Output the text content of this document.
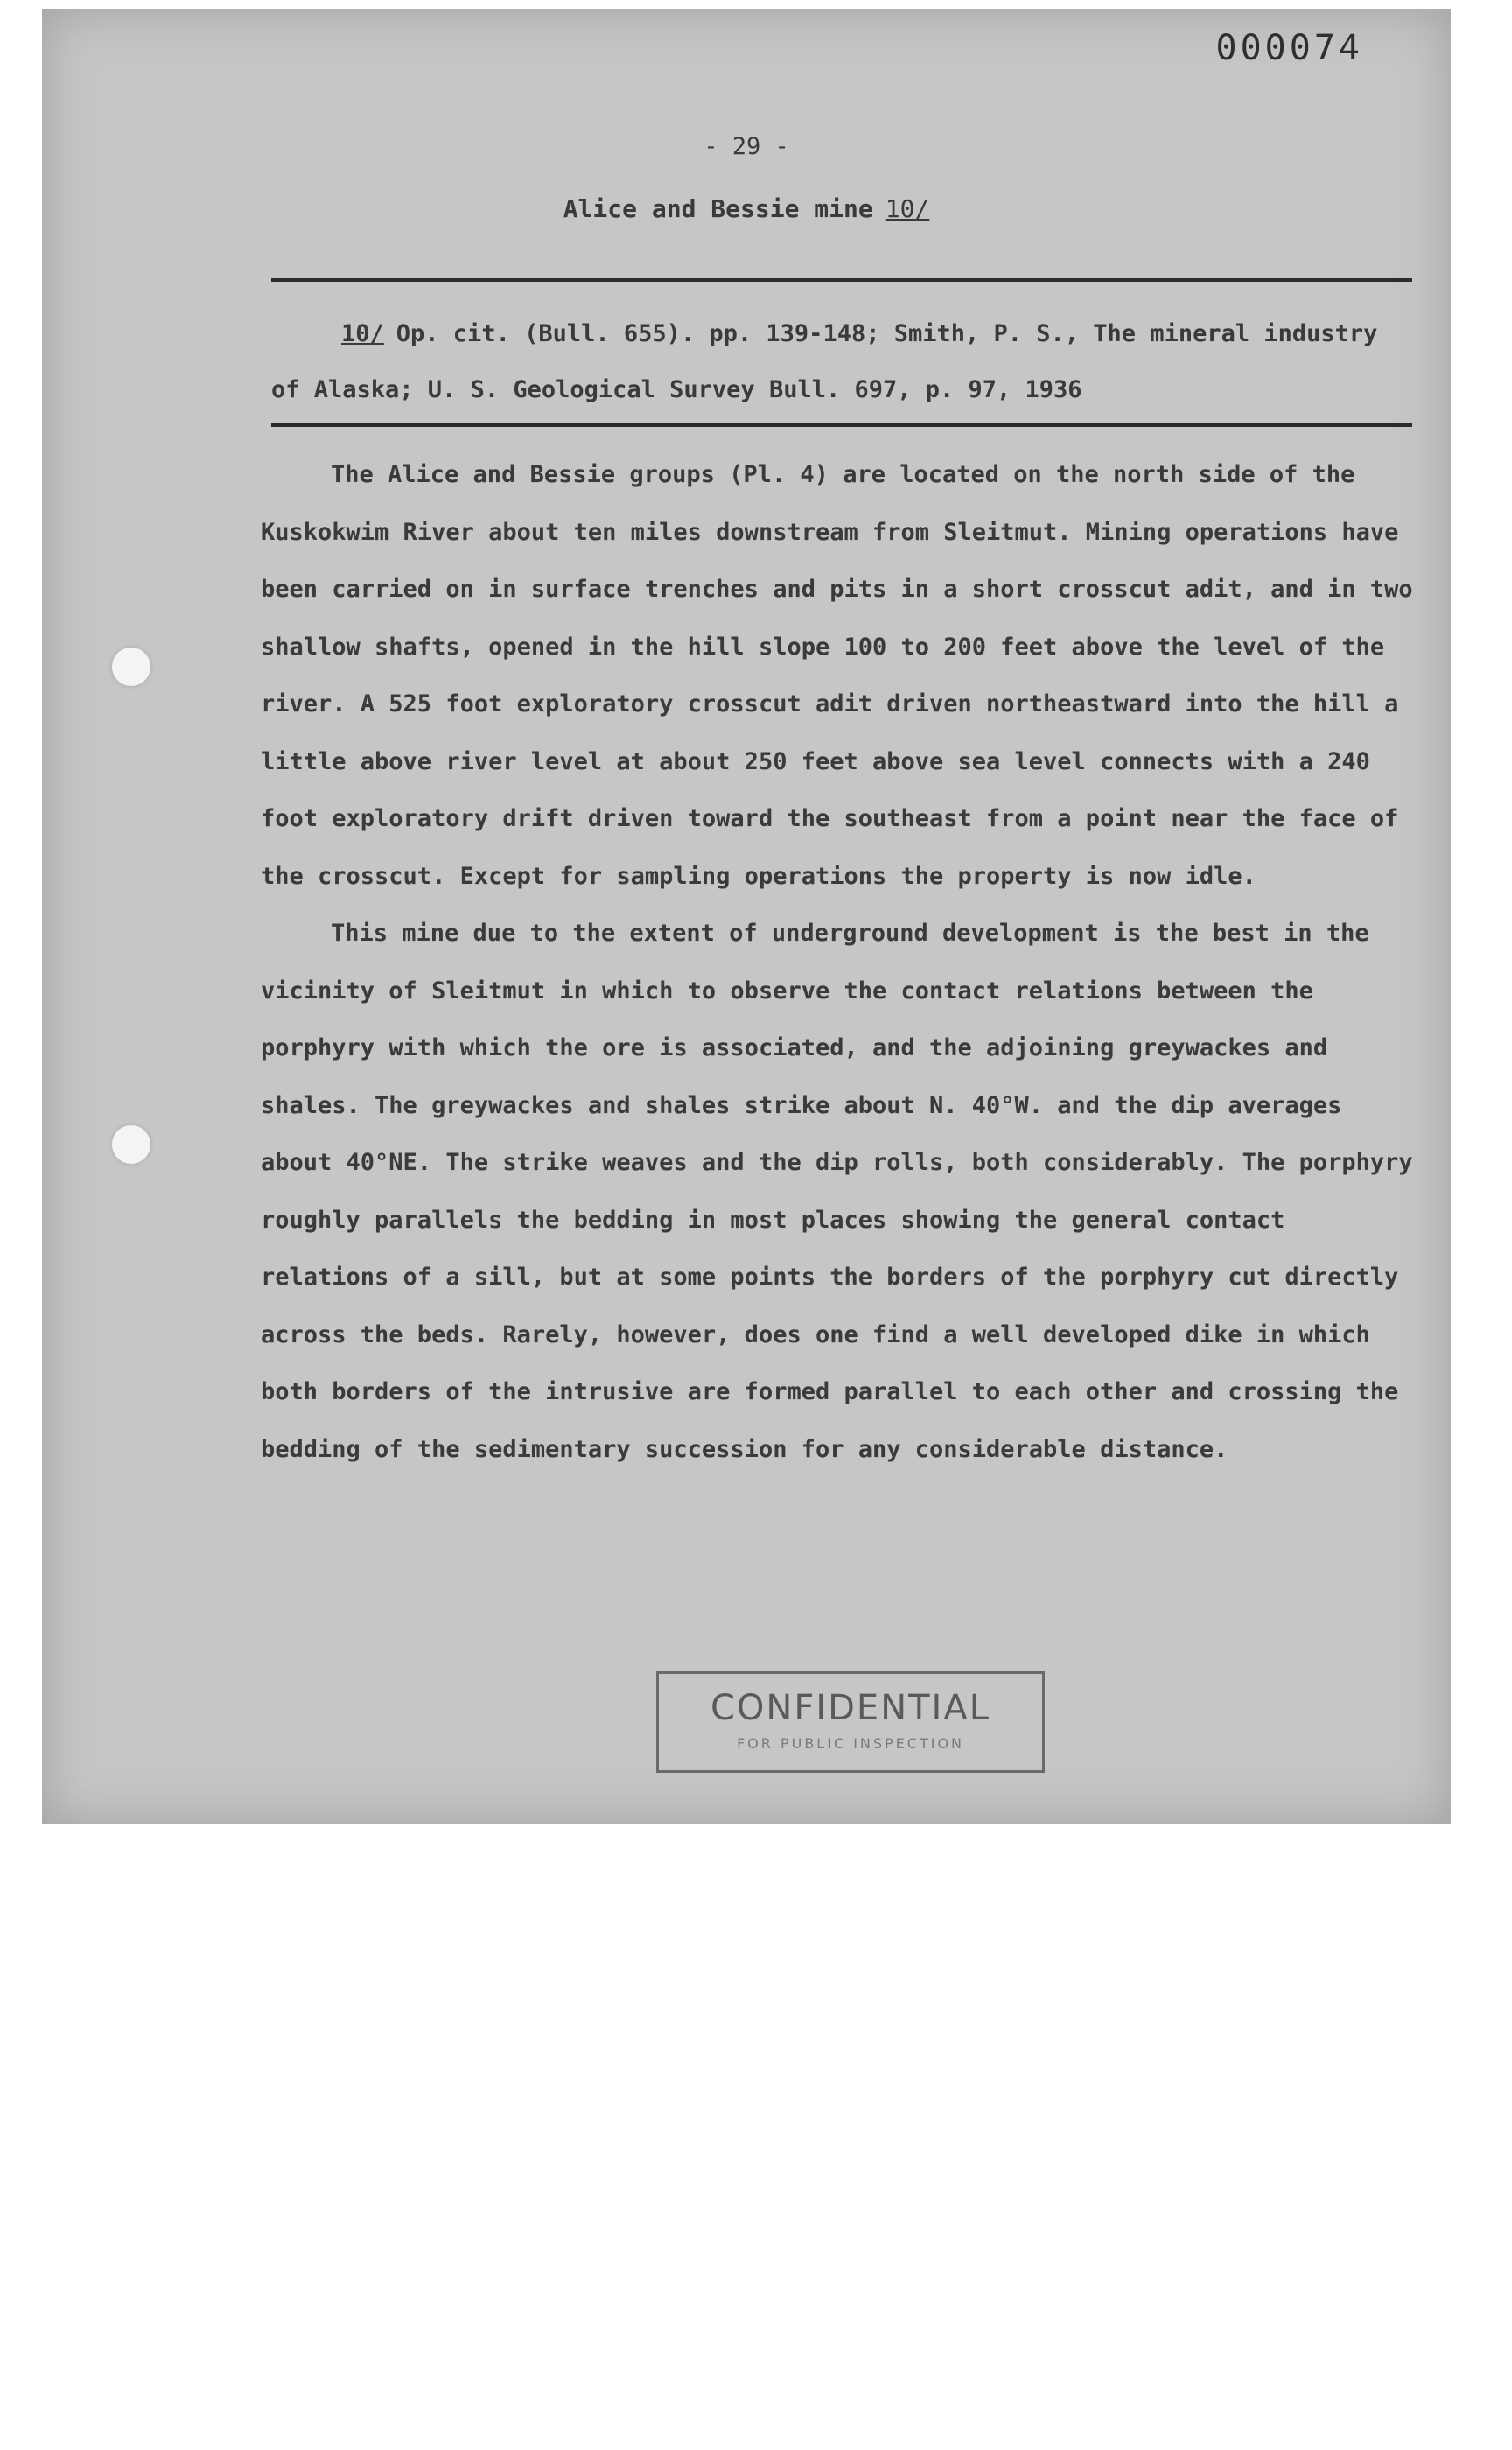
000074
- 29 -
Alice and Bessie mine 10/
10/ Op. cit. (Bull. 655). pp. 139-148; Smith, P. S., The mineral industry of Alaska; U. S. Geological Survey Bull. 697, p. 97, 1936

The Alice and Bessie groups (Pl. 4) are located on the north side of the Kuskokwim River about ten miles downstream from Sleitmut. Mining operations have been carried on in surface trenches and pits in a short crosscut adit, and in two shallow shafts, opened in the hill slope 100 to 200 feet above the level of the river. A 525 foot exploratory crosscut adit driven northeastward into the hill a little above river level at about 250 feet above sea level connects with a 240 foot exploratory drift driven toward the southeast from a point near the face of the crosscut. Except for sampling operations the property is now idle.

This mine due to the extent of underground development is the best in the vicinity of Sleitmut in which to observe the contact relations between the porphyry with which the ore is associated, and the adjoining greywackes and shales. The greywackes and shales strike about N. 40°W. and the dip averages about 40°NE. The strike weaves and the dip rolls, both considerably. The porphyry roughly parallels the bedding in most places showing the general contact relations of a sill, but at some points the borders of the porphyry cut directly across the beds. Rarely, however, does one find a well developed dike in which both borders of the intrusive are formed parallel to each other and crossing the bedding of the sedimentary succession for any considerable distance.

CONFIDENTIAL
FOR PUBLIC INSPECTION
